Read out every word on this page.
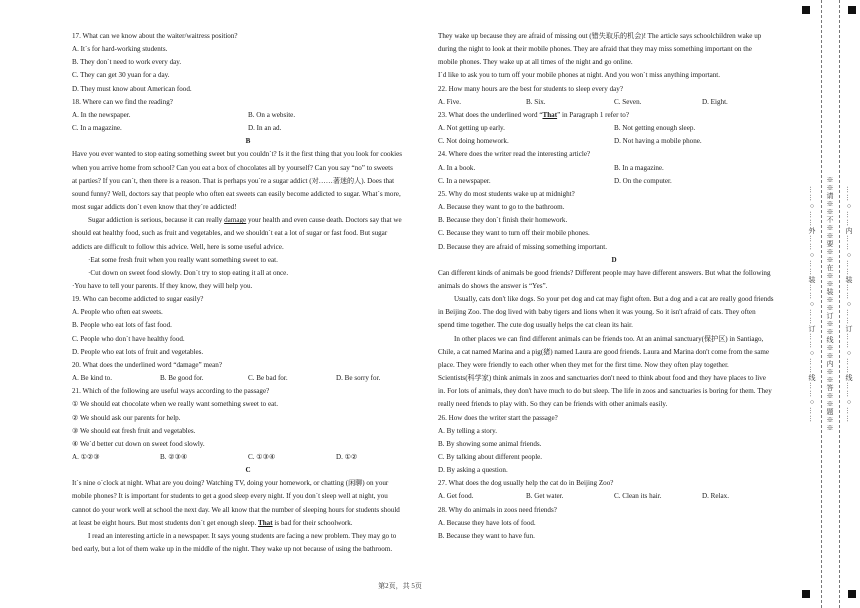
17. What can we know about the waiter/waitress position?
A. It`s for hard-working students.
B. They don`t need to work every day.
C. They can get 30 yuan for a day.
D. They must know about American food.
18. Where can we find the reading?
A. In the newspaper.	B. On a website.
C. In a magazine.	D. In an ad.
B
Have you ever wanted to stop eating something sweet but you couldn`t? Is it the first thing that you look for cookies
when you arrive home from school? Can you eat a box of chocolates all by yourself? Can you say “no” to sweets
at parties? If you can`t, then there is a reason. That is perhaps you`re a sugar addict (对……著迷的人). Does that
sound funny? Well, doctors say that people who often eat sweets can easily become addicted to sugar. What`s more,
most sugar addicts don`t even know that they`re addicted!
Sugar addiction is serious, because it can really damage your health and even cause death. Doctors say that we
should eat healthy food, such as fruit and vegetables, and we shouldn`t eat a lot of sugar or fast food. But sugar
addicts are difficult to follow this advice. Well, here is some useful advice.
·Eat some fresh fruit when you really want something sweet to eat.
·Cut down on sweet food slowly. Don`t try to stop eating it all at once.
·You have to tell your parents. If they know, they will help you.
19. Who can become addicted to sugar easily?
A. People who often eat sweets.
B. People who eat lots of fast food.
C. People who don`t have healthy food.
D. People who eat lots of fruit and vegetables.
20. What does the underlined word “damage” mean?
A. Be kind to.	B. Be good for.	C. Be bad for.	D. Be sorry for.
21. Which of the following are useful ways according to the passage?
① We should eat chocolate when we really want something sweet to eat.
② We should ask our parents for help.
③ We should eat fresh fruit and vegetables.
④ We`d better cut down on sweet food slowly.
A. ①②③	B. ②③④	C. ①③④	D. ①②
C
It`s nine o`clock at night. What are you doing? Watching TV, doing your homework, or chatting (闲聊) on your
mobile phones? It is important for students to get a good sleep every night. If you don`t sleep well at night, you
cannot do your work well at school the next day. We all know that the number of sleeping hours for students should
at least be eight hours. But most students don`t get enough sleep. That is bad for their schoolwork.
I read an interesting article in a newspaper. It says young students are facing a new problem. They may go to
bed early, but a lot of them wake up in the middle of the night. They wake up not because of using the bathroom.
They wake up because they are afraid of missing out (错失取乐的机会)! The article says schoolchildren wake up
during the night to look at their mobile phones. They are afraid that they may miss something important on the
mobile phones. They wake up at all times of the night and go online.
I`d like to ask you to turn off your mobile phones at night. And you won`t miss anything important.
22. How many hours are the best for students to sleep every day?
A. Five.	B. Six.	C. Seven.	D. Eight.
23. What does the underlined word “That” in Paragraph 1 refer to?
A. Not getting up early.	B. Not getting enough sleep.
C. Not doing homework.	D. Not having a mobile phone.
24. Where does the writer read the interesting article?
A. In a book.	B. In a magazine.
C. In a newspaper.	D. On the computer.
25. Why do most students wake up at midnight?
A. Because they want to go to the bathroom.
B. Because they don`t finish their homework.
C. Because they want to turn off their mobile phones.
D. Because they are afraid of missing something important.
D
Can different kinds of animals be good friends? Different people may have different answers. But what the following
animals do shows the answer is “Yes”.
Usually, cats don't like dogs. So your pet dog and cat may fight often. But a dog and a cat are really good friends
in Beijing Zoo. The dog lived with baby tigers and lions when it was young. So it isn't afraid of cats. They often
spend time together. The cute dog usually helps the cat clean its hair.
In other places we can find different animals can be friends too. At an animal sanctuary(保护区) in Santiago,
Chile, a cat named Marina and a pig(猪) named Laura are good friends. Laura and Marina don't come from the same
place. They were friendly to each other when they met for the first time. Now they often play together.
Scientists(科学家) think animals in zoos and sanctuaries don't need to think about food and they have places to live
in. For lots of animals, they don't have much to do but sleep. The life in zoos and sanctuaries is boring for them. They
really need friends to play with. So they can be friends with other animals easily.
26. How does the writer start the passage?
A. By telling a story.
B. By showing some animal friends.
C. By talking about different people.
D. By asking a question.
27. What does the dog usually help the cat do in Beijing Zoo?
A. Get food.	B. Get water.	C. Clean its hair.	D. Relax.
28. Why do animals in zoos need friends?
A. Because they have lots of food.
B. Because they want to have fun.
第2页，共 5页
……○……外……○……装……○……订……○……线……○…… ※※请※※不※※要※※在※※装※※订※※线※※内※※答※※题※※ ……○……内……○……装……○……订……○……线……○……
